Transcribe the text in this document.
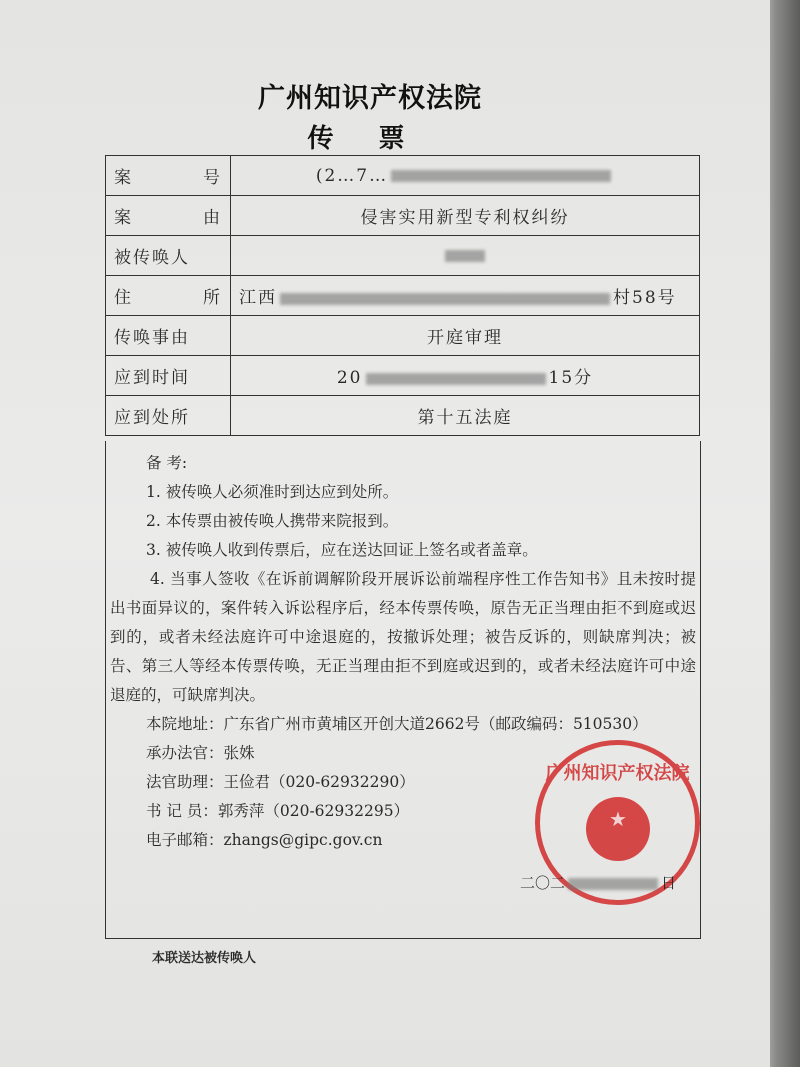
广州知识产权法院
传 票
案 号	(2…7…

案 由	侵害实用新型专利权纠纷
被传唤人	

住 所	江西 村58号
传唤事由	开庭审理
应到时间	20 15分
应到处所	第十五法庭

备 考:

1. 被传唤人必须准时到达应到处所。

2. 本传票由被传唤人携带来院报到。

3. 被传唤人收到传票后，应在送达回证上签名或者盖章。

4. 当事人签收《在诉前调解阶段开展诉讼前端程序性工作告知书》且未按时提出书面异议的，案件转入诉讼程序后，经本传票传唤，原告无正当理由拒不到庭或迟到的，或者未经法庭许可中途退庭的，按撤诉处理；被告反诉的，则缺席判决；被告、第三人等经本传票传唤，无正当理由拒不到庭或迟到的，或者未经法庭许可中途退庭的，可缺席判决。

本院地址：广东省广州市黄埔区开创大道2662号（邮政编码：510530）

承办法官：张姝

法官助理：王俭君（020-62932290）

书 记 员：郭秀萍（020-62932295）

电子邮箱：zhangs@gipc.gov.cn

★
广州知识产权法院
二〇二	日
本联送达被传唤人
